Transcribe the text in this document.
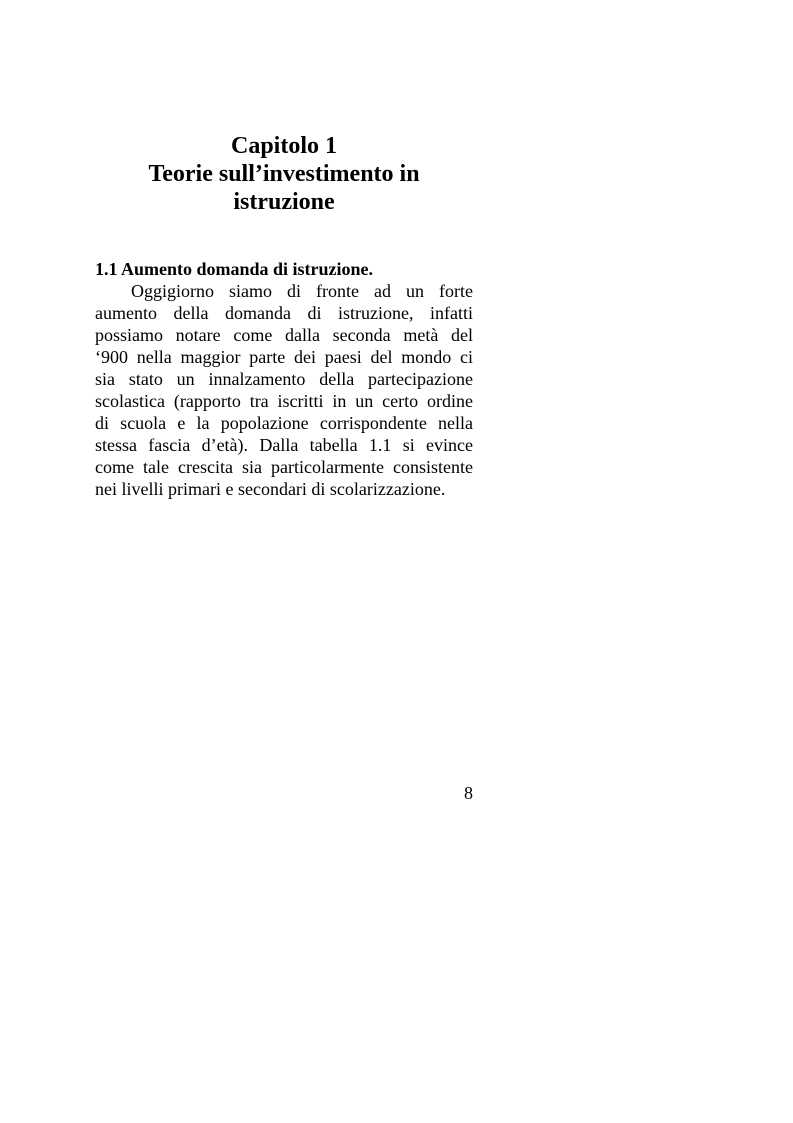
Capitolo 1
Teorie sull’investimento in
istruzione
1.1 Aumento domanda di istruzione.
Oggigiorno siamo di fronte ad un forte
aumento della domanda di istruzione, infatti
possiamo notare come dalla seconda metà del
‘900 nella maggior parte dei paesi del mondo ci
sia stato un innalzamento della partecipazione
scolastica (rapporto tra iscritti in un certo ordine
di scuola e la popolazione corrispondente nella
stessa fascia d’età). Dalla tabella 1.1 si evince
come tale crescita sia particolarmente consistente
nei livelli primari e secondari di scolarizzazione.
8
